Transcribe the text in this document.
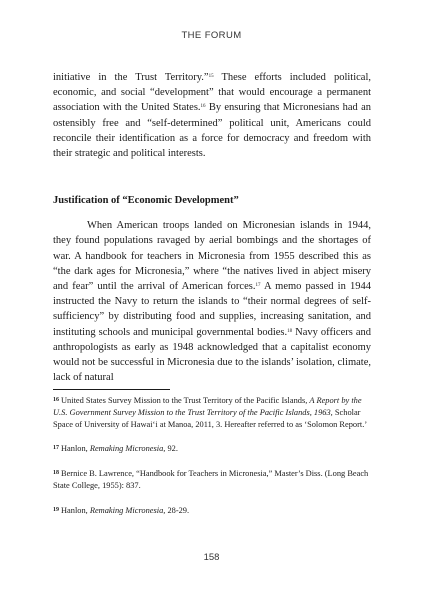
THE FORUM

initiative in the Trust Territory.”$^{15}$ These efforts included political, economic, and social “development” that would encourage a permanent association with the United States.$^{16}$ By ensuring that Micronesians had an ostensibly free and “self-determined” political unit, Americans could reconcile their identification as a force for democracy and freedom with their strategic and political interests.

Justification of “Economic Development”

When American troops landed on Micronesian islands in 1944, they found populations ravaged by aerial bombings and the shortages of war. A handbook for teachers in Micronesia from 1955 described this as “the dark ages for Micronesia,” where “the natives lived in abject misery and fear” until the arrival of American forces.$^{17}$ A memo passed in 1944 instructed the Navy to return the islands to “their normal degrees of self-sufficiency” by distributing food and supplies, increasing sanitation, and instituting schools and municipal governmental bodies.$^{18}$ Navy officers and anthropologists as early as 1948 acknowledged that a capitalist economy would not be successful in Micronesia due to the islands’ isolation, climate, lack of natural

$^{16}$ United States Survey Mission to the Trust Territory of the Pacific Islands, A Report by the U.S. Government Survey Mission to the Trust Territory of the Pacific Islands, 1963, Scholar Space of University of Hawai‘i at Manoa, 2011, 3. Hereafter referred to as ‘Solomon Report.’
$^{17}$ Hanlon, Remaking Micronesia, 92.
$^{18}$ Bernice B. Lawrence, “Handbook for Teachers in Micronesia,” Master’s Diss. (Long Beach State College, 1955): 837.
$^{19}$ Hanlon, Remaking Micronesia, 28-29.
158
